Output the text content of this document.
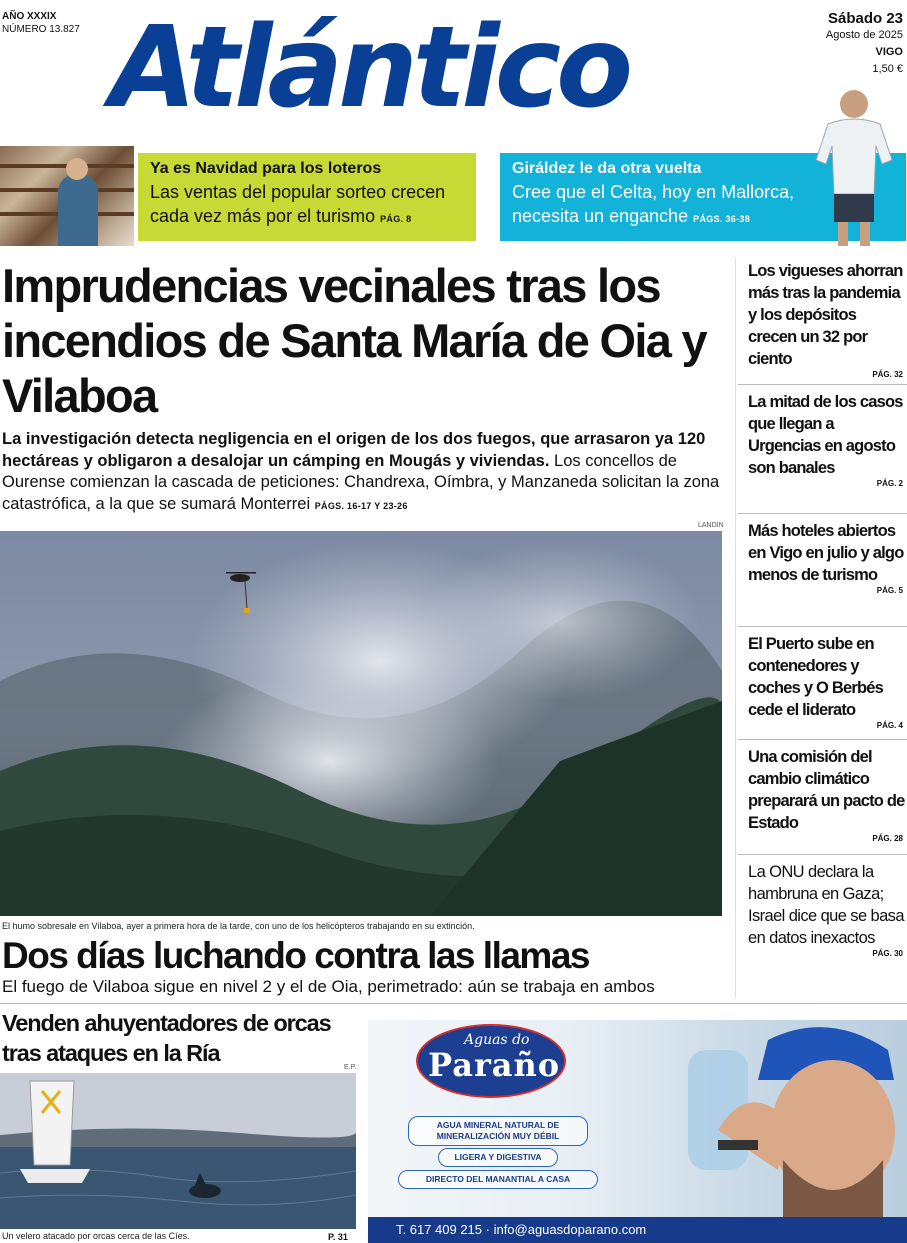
AÑO XXXIX
NÚMERO 13.827 Atlántico	Sábado 23
Agosto de 2025
VIGO
1,50 €
Ya es Navidad para los loteros
Las ventas del popular sorteo crecen cada vez más por el turismo PÁG. 8
Giráldez le da otra vuelta
Cree que el Celta, hoy en Mallorca, necesita un enganche PÁGS. 36-38
Imprudencias vecinales tras los incendios de Santa María de Oia y Vilaboa
La investigación detecta negligencia en el origen de los dos fuegos, que arrasaron ya 120 hectáreas y obligaron a desalojar un cámping en Mougás y viviendas. Los concellos de Ourense comienzan la cascada de peticiones: Chandrexa, Oímbra, y Manzaneda solicitan la zona catastrófica, a la que se sumará Monterrei PÁGS. 16-17 Y 23-26
LANDIN
El humo sobresale en Vilaboa, ayer a primera hora de la tarde, con uno de los helicópteros trabajando en su extinción.
Dos días luchando contra las llamas
El fuego de Vilaboa sigue en nivel 2 y el de Oia, perimetrado: aún se trabaja en ambos
Los vigueses ahorran más tras la pandemia y los depósitos crecen un 32 por ciento
PÁG. 32
La mitad de los casos que llegan a Urgencias en agosto son banales
PÁG. 2
Más hoteles abiertos en Vigo en julio y algo menos de turismo
PÁG. 5
El Puerto sube en contenedores y coches y O Berbés cede el liderato
PÁG. 4
Una comisión del cambio climático preparará un pacto de Estado
PÁG. 28
La ONU declara la hambruna en Gaza; Israel dice que se basa en datos inexactos
PÁG. 30
Venden ahuyentadores de orcas tras ataques en la Ría
E.P.
Un velero atacado por orcas cerca de las Cíes.	P. 31
Aguas do
Paraño
AGUA MINERAL NATURAL DE MINERALIZACIÓN MUY DÉBIL
LIGERA Y DIGESTIVA
DIRECTO DEL MANANTIAL A CASA
T. 617 409 215 · info@aguasdoparano.com
